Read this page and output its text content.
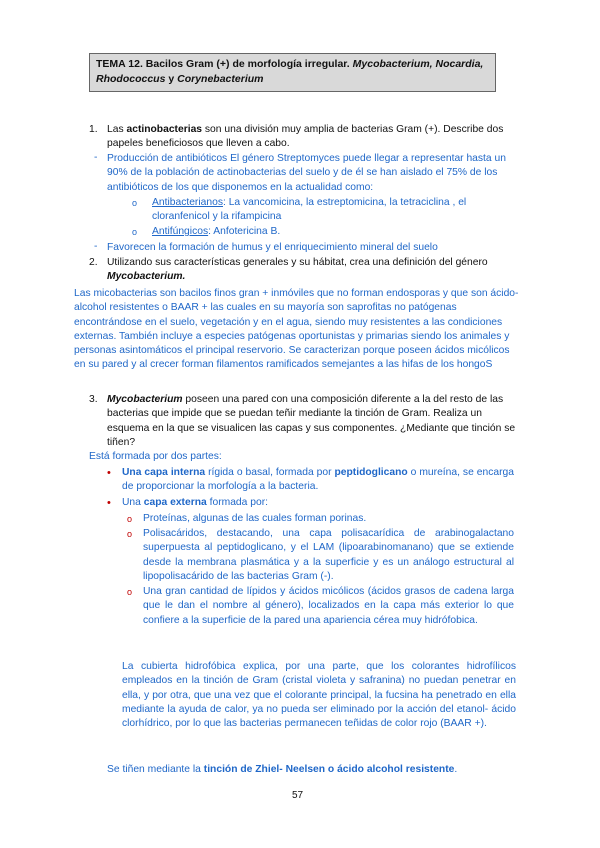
TEMA 12. Bacilos Gram (+) de morfología irregular. Mycobacterium, Nocardia, Rhodococcus y Corynebacterium
1. Las actinobacterias son una división muy amplia de bacterias Gram (+). Describe dos papeles beneficiosos que lleven a cabo.
- Producción de antibióticos El género Streptomyces puede llegar a representar hasta un 90% de la población de actinobacterias del suelo y de él se han aislado el 75% de los antibióticos de los que disponemos en la actualidad como:
o Antibacterianos: La vancomicina, la estreptomicina, la tetraciclina , el cloranfenicol y la rifampicina
o Antifúngicos: Anfotericina B.
- Favorecen la formación de humus y el enriquecimiento mineral del suelo
2. Utilizando sus características generales y su hábitat, crea una definición del género Mycobacterium.
Las micobacterias son bacilos finos gran + inmóviles que no forman endosporas y que son ácido-alcohol resistentes o BAAR + las cuales en su mayoría son saprofitas no patógenas encontrándose en el suelo, vegetación y en el agua, siendo muy resistentes a las condiciones externas. También incluye a especies patógenas oportunistas y primarias siendo los animales y personas asintomáticos el principal reservorio. Se caracterizan porque poseen ácidos micólicos en su pared y al crecer forman filamentos ramificados semejantes a las hifas de los hongoS
3. Mycobacterium poseen una pared con una composición diferente a la del resto de las bacterias que impide que se puedan teñir mediante la tinción de Gram. Realiza un esquema en la que se visualicen las capas y sus componentes. ¿Mediante que tinción se tiñen?
Está formada por dos partes:
• Una capa interna rígida o basal, formada por peptidoglicano o mureína, se encarga de proporcionar la morfología a la bacteria.
• Una capa externa formada por:
o Proteínas, algunas de las cuales forman porinas.
o Polisacáridos, destacando, una capa polisacarídica de arabinogalactano superpuesta al peptidoglicano, y el LAM (lipoarabinomanano) que se extiende desde la membrana plasmática y a la superficie y es un análogo estructural al lipopolisacárido de las bacterias Gram (-).
o Una gran cantidad de lípidos y ácidos micólicos (ácidos grasos de cadena larga que le dan el nombre al género), localizados en la capa más exterior lo que confiere a la superficie de la pared una apariencia cérea muy hidrófobica.
La cubierta hidrofóbica explica, por una parte, que los colorantes hidrofílicos empleados en la tinción de Gram (cristal violeta y safranina) no puedan penetrar en ella, y por otra, que una vez que el colorante principal, la fucsina ha penetrado en ella mediante la ayuda de calor, ya no pueda ser eliminado por la acción del etanol- ácido clorhídrico, por lo que las bacterias permanecen teñidas de color rojo (BAAR +).
Se tiñen mediante la tinción de Zhiel- Neelsen o ácido alcohol resistente.
57
